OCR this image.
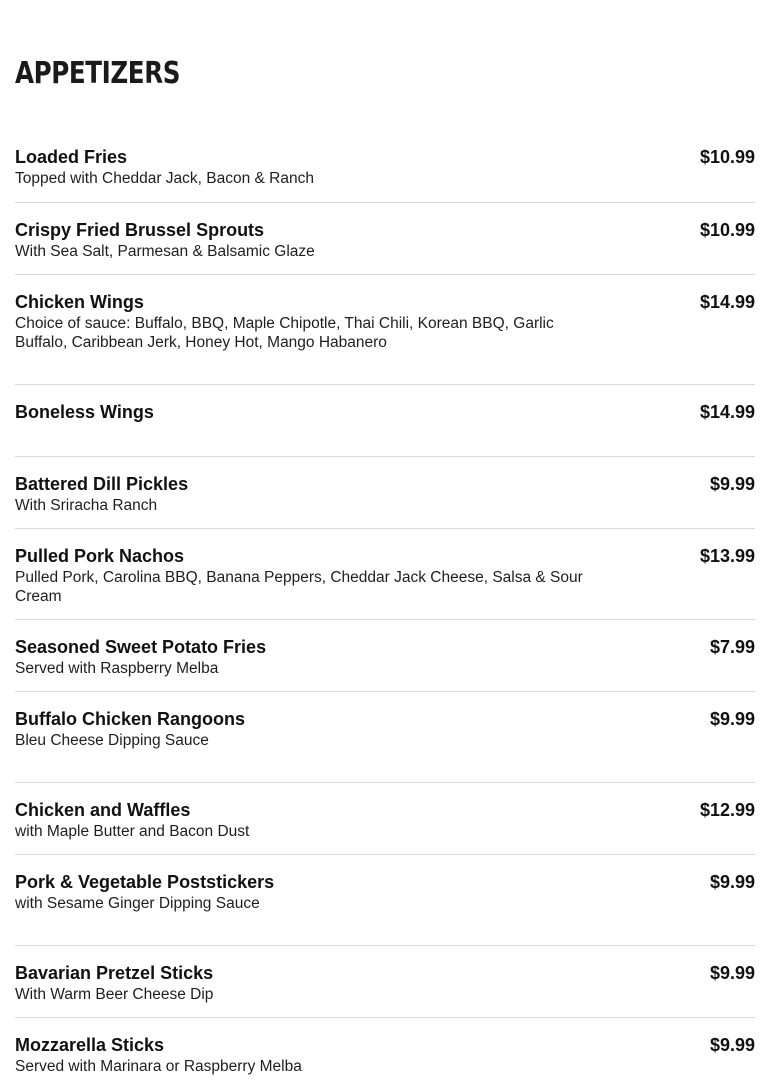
APPETIZERS
Loaded Fries
Topped with Cheddar Jack, Bacon & Ranch
$10.99
Crispy Fried Brussel Sprouts
With Sea Salt, Parmesan & Balsamic Glaze
$10.99
Chicken Wings
Choice of sauce: Buffalo, BBQ, Maple Chipotle, Thai Chili, Korean BBQ, Garlic Buffalo, Caribbean Jerk, Honey Hot, Mango Habanero
$14.99
Boneless Wings	$14.99
Battered Dill Pickles
With Sriracha Ranch
$9.99
Pulled Pork Nachos
Pulled Pork, Carolina BBQ, Banana Peppers, Cheddar Jack Cheese, Salsa & Sour Cream
$13.99
Seasoned Sweet Potato Fries
Served with Raspberry Melba
$7.99
Buffalo Chicken Rangoons
Bleu Cheese Dipping Sauce
$9.99
Chicken and Waffles
with Maple Butter and Bacon Dust
$12.99
Pork & Vegetable Poststickers
with Sesame Ginger Dipping Sauce
$9.99
Bavarian Pretzel Sticks
With Warm Beer Cheese Dip
$9.99
Mozzarella Sticks
Served with Marinara or Raspberry Melba
$9.99
